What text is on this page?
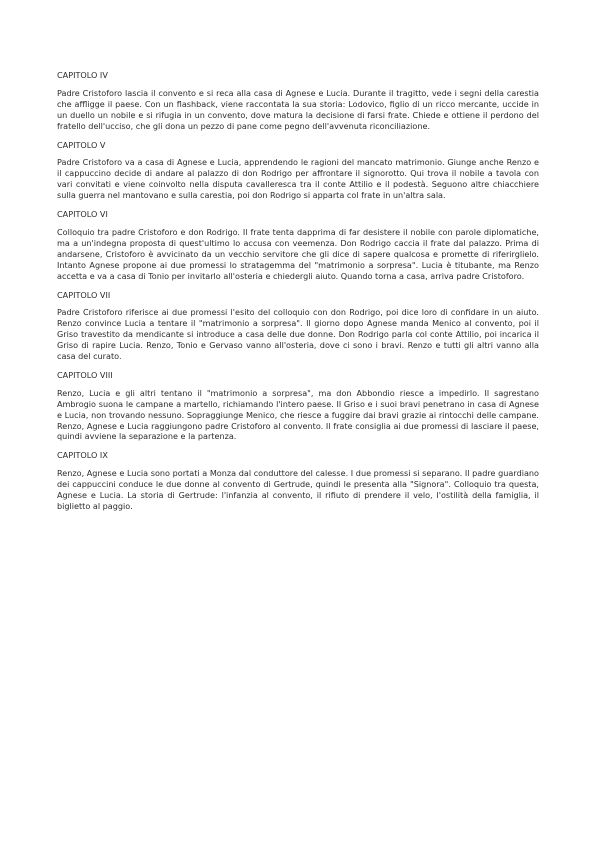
CAPITOLO IV

Padre Cristoforo lascia il convento e si reca alla casa di Agnese e Lucia. Durante il tragitto, vede i segni della carestia che affligge il paese. Con un flashback, viene raccontata la sua storia: Lodovico, figlio di un ricco mercante, uccide in un duello un nobile e si rifugia in un convento, dove matura la decisione di farsi frate. Chiede e ottiene il perdono del fratello dell'ucciso, che gli dona un pezzo di pane come pegno dell'avvenuta riconciliazione.

CAPITOLO V

Padre Cristoforo va a casa di Agnese e Lucia, apprendendo le ragioni del mancato matrimonio. Giunge anche Renzo e il cappuccino decide di andare al palazzo di don Rodrigo per affrontare il signorotto. Qui trova il nobile a tavola con vari convitati e viene coinvolto nella disputa cavalleresca tra il conte Attilio e il podestà. Seguono altre chiacchiere sulla guerra nel mantovano e sulla carestia, poi don Rodrigo si apparta col frate in un'altra sala.

CAPITOLO VI

Colloquio tra padre Cristoforo e don Rodrigo. Il frate tenta dapprima di far desistere il nobile con parole diplomatiche, ma a un'indegna proposta di quest'ultimo lo accusa con veemenza. Don Rodrigo caccia il frate dal palazzo. Prima di andarsene, Cristoforo è avvicinato da un vecchio servitore che gli dice di sapere qualcosa e promette di riferirglielo. Intanto Agnese propone ai due promessi lo stratagemma del "matrimonio a sorpresa". Lucia è titubante, ma Renzo accetta e va a casa di Tonio per invitarlo all'osteria e chiedergli aiuto. Quando torna a casa, arriva padre Cristoforo.

CAPITOLO VII

Padre Cristoforo riferisce ai due promessi l'esito del colloquio con don Rodrigo, poi dice loro di confidare in un aiuto. Renzo convince Lucia a tentare il "matrimonio a sorpresa". Il giorno dopo Agnese manda Menico al convento, poi il Griso travestito da mendicante si introduce a casa delle due donne. Don Rodrigo parla col conte Attilio, poi incarica il Griso di rapire Lucia. Renzo, Tonio e Gervaso vanno all'osteria, dove ci sono i bravi. Renzo e tutti gli altri vanno alla casa del curato.

CAPITOLO VIII

Renzo, Lucia e gli altri tentano il "matrimonio a sorpresa", ma don Abbondio riesce a impedirlo. Il sagrestano Ambrogio suona le campane a martello, richiamando l'intero paese. Il Griso e i suoi bravi penetrano in casa di Agnese e Lucia, non trovando nessuno. Sopraggiunge Menico, che riesce a fuggire dai bravi grazie ai rintocchi delle campane. Renzo, Agnese e Lucia raggiungono padre Cristoforo al convento. Il frate consiglia ai due promessi di lasciare il paese, quindi avviene la separazione e la partenza.

CAPITOLO IX

Renzo, Agnese e Lucia sono portati a Monza dal conduttore del calesse. I due promessi si separano. Il padre guardiano dei cappuccini conduce le due donne al convento di Gertrude, quindi le presenta alla "Signora". Colloquio tra questa, Agnese e Lucia. La storia di Gertrude: l'infanzia al convento, il rifiuto di prendere il velo, l'ostilità della famiglia, il biglietto al paggio.
